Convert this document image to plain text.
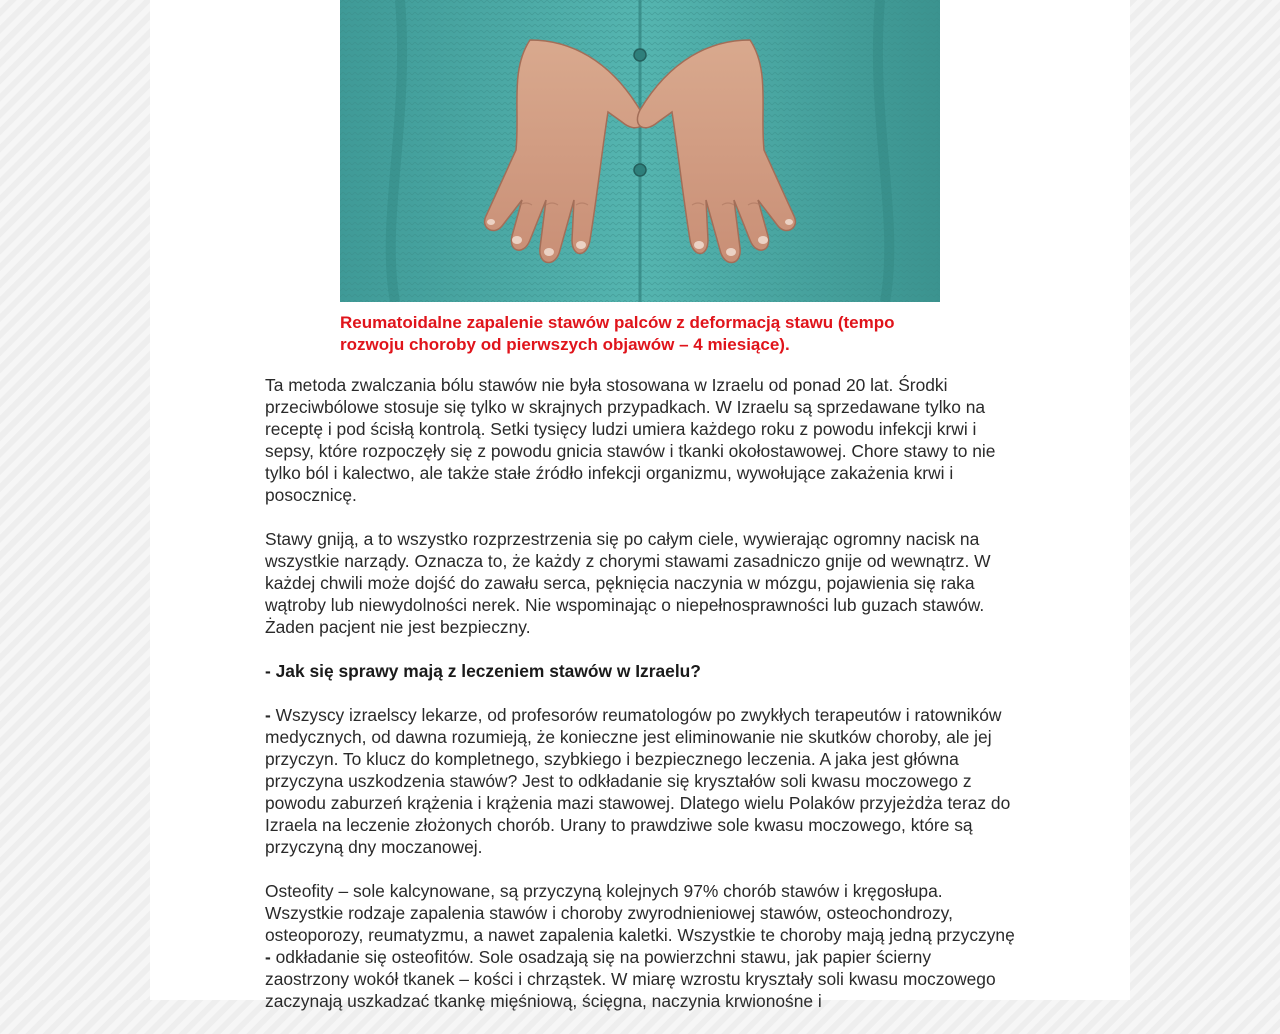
Reumatoidalne zapalenie stawów palców z deformacją stawu (tempo rozwoju choroby od pierwszych objawów – 4 miesiące).

Ta metoda zwalczania bólu stawów nie była stosowana w Izraelu od ponad 20 lat. Środki przeciwbólowe stosuje się tylko w skrajnych przypadkach. W Izraelu są sprzedawane tylko na receptę i pod ścisłą kontrolą. Setki tysięcy ludzi umiera każdego roku z powodu infekcji krwi i sepsy, które rozpoczęły się z powodu gnicia stawów i tkanki okołostawowej. Chore stawy to nie tylko ból i kalectwo, ale także stałe źródło infekcji organizmu, wywołujące zakażenia krwi i posocznicę.

Stawy gniją, a to wszystko rozprzestrzenia się po całym ciele, wywierając ogromny nacisk na wszystkie narządy. Oznacza to, że każdy z chorymi stawami zasadniczo gnije od wewnątrz. W każdej chwili może dojść do zawału serca, pęknięcia naczynia w mózgu, pojawienia się raka wątroby lub niewydolności nerek. Nie wspominając o niepełnosprawności lub guzach stawów. Żaden pacjent nie jest bezpieczny.

- Jak się sprawy mają z leczeniem stawów w Izraelu?

- Wszyscy izraelscy lekarze, od profesorów reumatologów po zwykłych terapeutów i ratowników medycznych, od dawna rozumieją, że konieczne jest eliminowanie nie skutków choroby, ale jej przyczyn. To klucz do kompletnego, szybkiego i bezpiecznego leczenia. A jaka jest główna przyczyna uszkodzenia stawów? Jest to odkładanie się kryształów soli kwasu moczowego z powodu zaburzeń krążenia i krążenia mazi stawowej. Dlatego wielu Polaków przyjeżdża teraz do Izraela na leczenie złożonych chorób. Urany to prawdziwe sole kwasu moczowego, które są przyczyną dny moczanowej.

Osteofity – sole kalcynowane, są przyczyną kolejnych 97% chorób stawów i kręgosłupa. Wszystkie rodzaje zapalenia stawów i choroby zwyrodnieniowej stawów, osteochondrozy, osteoporozy, reumatyzmu, a nawet zapalenia kaletki. Wszystkie te choroby mają jedną przyczynę - odkładanie się osteofitów. Sole osadzają się na powierzchni stawu, jak papier ścierny zaostrzony wokół tkanek – kości i chrząstek. W miarę wzrostu kryształy soli kwasu moczowego zaczynają uszkadzać tkankę mięśniową, ścięgna, naczynia krwionośne i
